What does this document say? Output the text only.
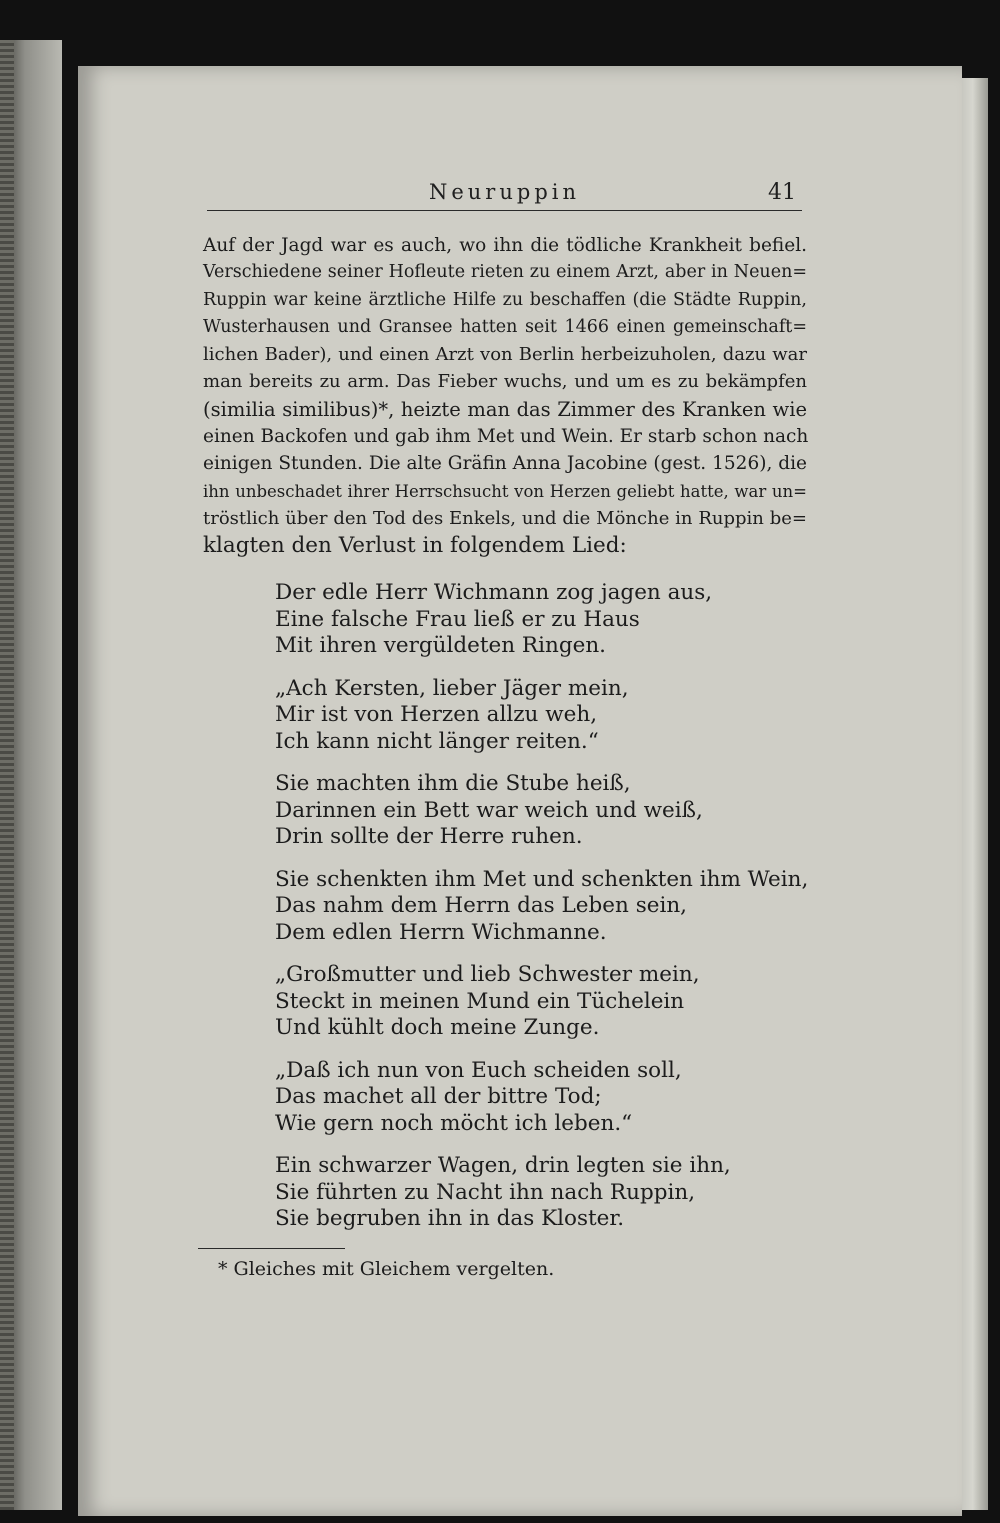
Neuruppin	41
Auf der Jagd war es auch, wo ihn die tödliche Krankheit befiel.
Verschiedene seiner Hofleute rieten zu einem Arzt, aber in Neuen=
Ruppin war keine ärztliche Hilfe zu beschaffen (die Städte Ruppin,
Wusterhausen und Gransee hatten seit 1466 einen gemeinschaft=
lichen Bader), und einen Arzt von Berlin herbeizuholen, dazu war
man bereits zu arm. Das Fieber wuchs, und um es zu bekämpfen
(similia similibus)*, heizte man das Zimmer des Kranken wie
einen Backofen und gab ihm Met und Wein. Er starb schon nach
einigen Stunden. Die alte Gräfin Anna Jacobine (gest. 1526), die
ihn unbeschadet ihrer Herrschsucht von Herzen geliebt hatte, war un=
tröstlich über den Tod des Enkels, und die Mönche in Ruppin be=
klagten den Verlust in folgendem Lied:
Der edle Herr Wichmann zog jagen aus,
Eine falsche Frau ließ er zu Haus
Mit ihren vergüldeten Ringen.
„Ach Kersten, lieber Jäger mein,
Mir ist von Herzen allzu weh,
Ich kann nicht länger reiten.“
Sie machten ihm die Stube heiß,
Darinnen ein Bett war weich und weiß,
Drin sollte der Herre ruhen.
Sie schenkten ihm Met und schenkten ihm Wein,
Das nahm dem Herrn das Leben sein,
Dem edlen Herrn Wichmanne.
„Großmutter und lieb Schwester mein,
Steckt in meinen Mund ein Tüchelein
Und kühlt doch meine Zunge.
„Daß ich nun von Euch scheiden soll,
Das machet all der bittre Tod;
Wie gern noch möcht ich leben.“
Ein schwarzer Wagen, drin legten sie ihn,
Sie führten zu Nacht ihn nach Ruppin,
Sie begruben ihn in das Kloster.
* Gleiches mit Gleichem vergelten.
